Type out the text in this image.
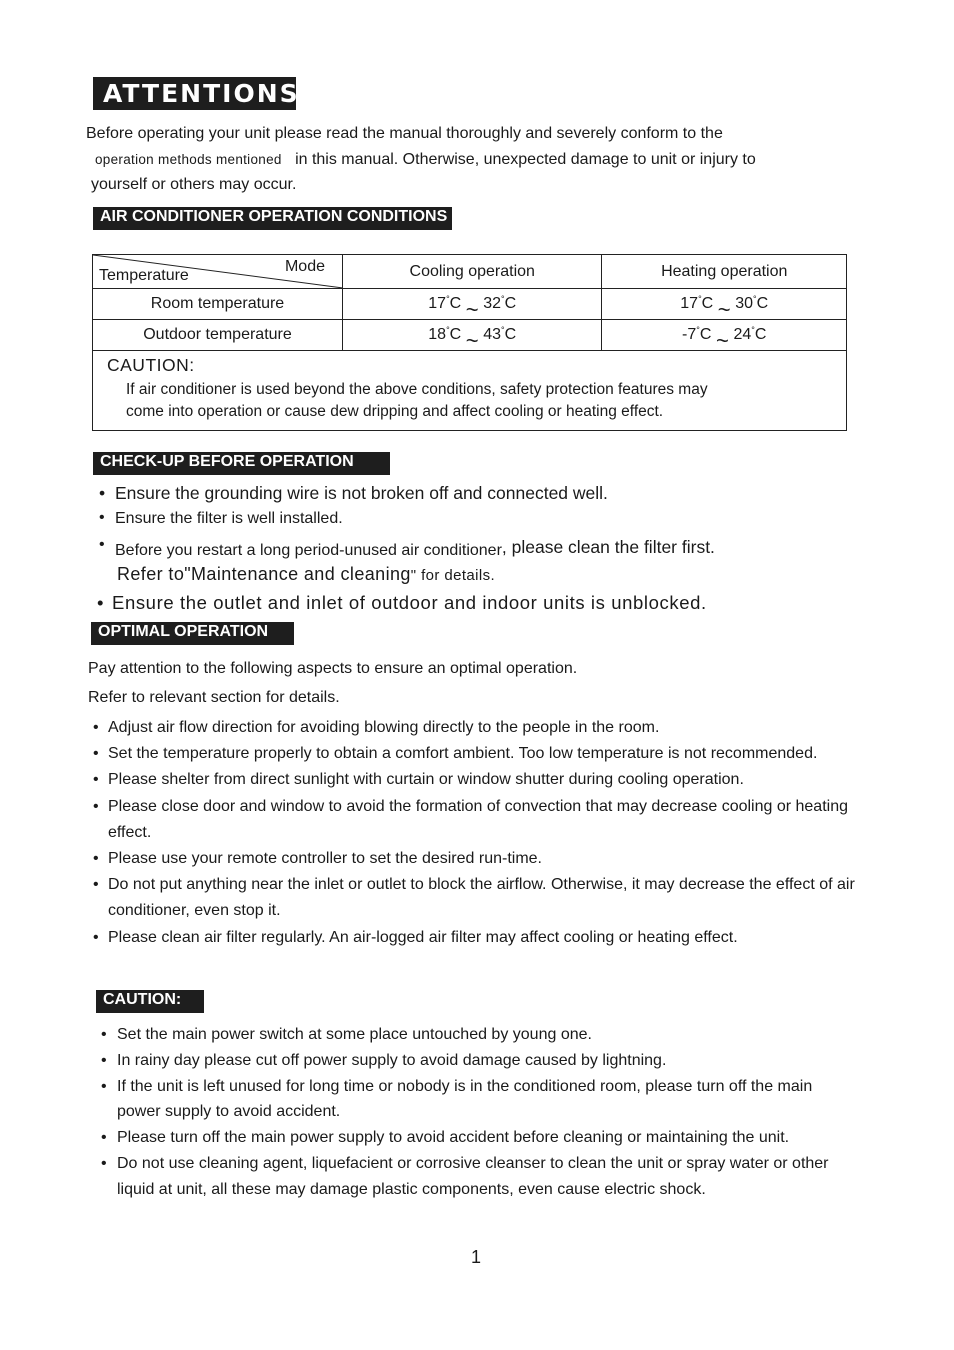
ATTENTIONS
Before operating your unit please read the manual thoroughly and severely conform to the
operation methods mentioned in this manual. Otherwise, unexpected damage to unit or injury to
yourself or others may occur.
AIR CONDITIONER OPERATION CONDITIONS
Mode
Temperature	Cooling operation	Heating operation
Room temperature	17°C ~ 32°C	17°C ~ 30°C
Outdoor temperature	18°C ~ 43°C	-7°C ~ 24°C

CAUTION:
If air conditioner is used beyond the above conditions, safety protection features may
come into operation or cause dew dripping and affect cooling or heating effect.		
CHECK-UP BEFORE OPERATION
• Ensure the grounding wire is not broken off and connected well.
• Ensure the filter is well installed.
• Before you restart a long period-unused air conditioner, please clean the filter first.
Refer to"Maintenance and cleaning" for details.
• Ensure the outlet and inlet of outdoor and indoor units is unblocked.
OPTIMAL OPERATION
Pay attention to the following aspects to ensure an optimal operation.
Refer to relevant section for details.
• Adjust air flow direction for avoiding blowing directly to the people in the room.
• Set the temperature properly to obtain a comfort ambient. Too low temperature is not recommended.
• Please shelter from direct sunlight with curtain or window shutter during cooling operation.
• Please close door and window to avoid the formation of convection that may decrease cooling or heating effect.
• Please use your remote controller to set the desired run-time.
• Do not put anything near the inlet or outlet to block the airflow. Otherwise, it may decrease the effect of air conditioner, even stop it.
• Please clean air filter regularly. An air-logged air filter may affect cooling or heating effect.
CAUTION:
• Set the main power switch at some place untouched by young one.
• In rainy day please cut off power supply to avoid damage caused by lightning.
• If the unit is left unused for long time or nobody is in the conditioned room, please turn off the main power supply to avoid accident.
• Please turn off the main power supply to avoid accident before cleaning or maintaining the unit.
• Do not use cleaning agent, liquefacient or corrosive cleanser to clean the unit or spray water or other liquid at unit, all these may damage plastic components, even cause electric shock.
1
